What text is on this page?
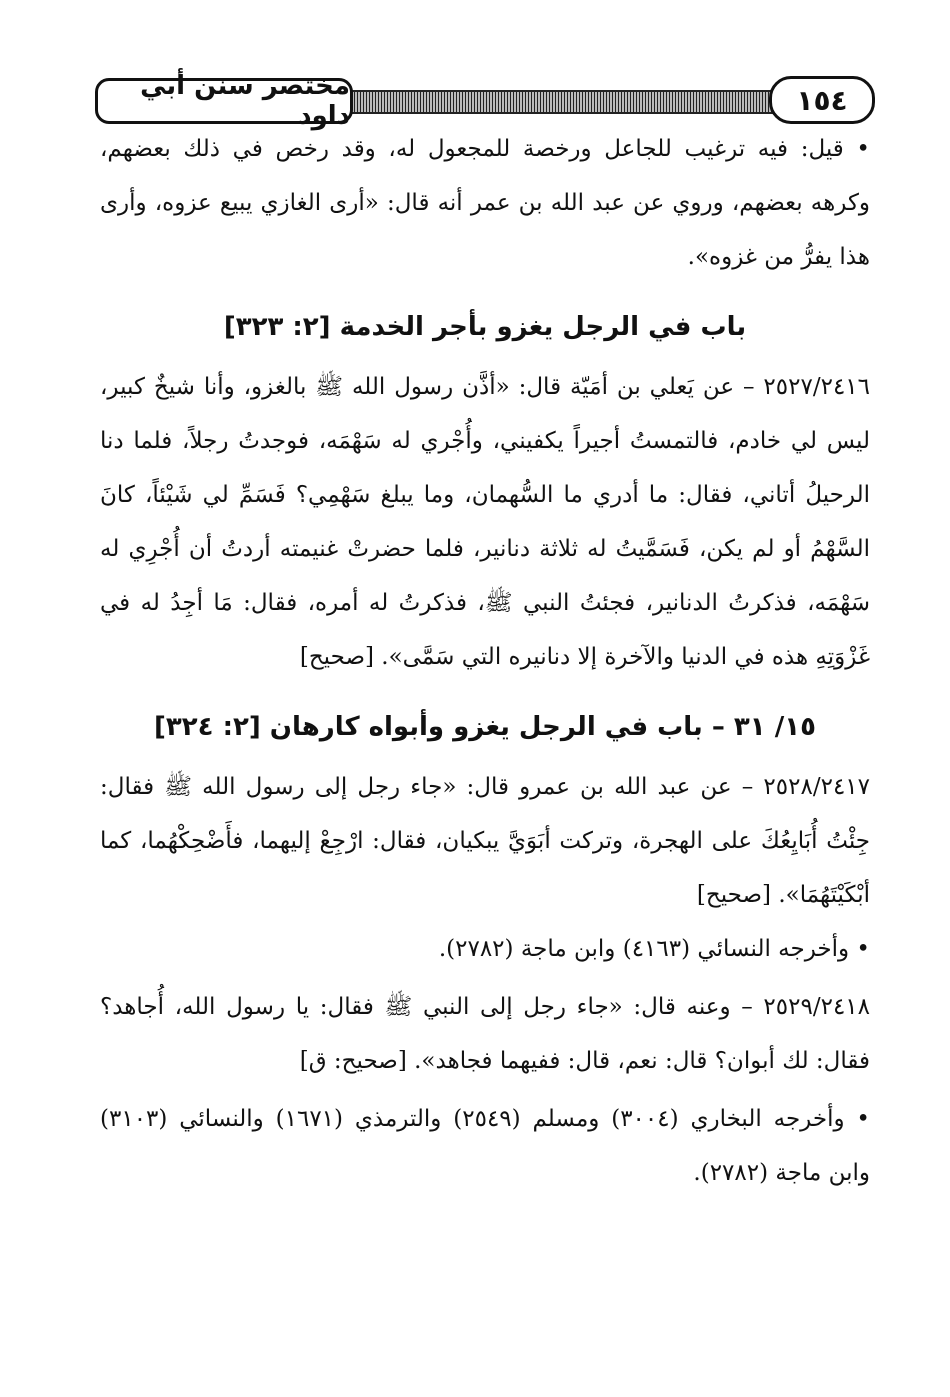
مختصر سنن أبي داود	١٥٤

• قيل: فيه ترغيب للجاعل ورخصة للمجعول له، وقد رخص في ذلك بعضهم، وكرهه بعضهم، وروي عن عبد الله بن عمر أنه قال: «أرى الغازي يبيع عزوه، وأرى هذا يفرُّ من غزوه».

باب في الرجل يغزو بأجر الخدمة [٢: ٣٢٣]

٢٥٢٧/٢٤١٦ – عن يَعلي بن أمَيّة قال: «أذَّن رسول الله ﷺ بالغزو، وأنا شيخٌ كبير، ليس لي خادم، فالتمستُ أجيراً يكفيني، وأُجْري له سَهْمَه، فوجدتُ رجلاً، فلما دنا الرحيلُ أتاني، فقال: ما أدري ما السُّهمان، وما يبلغ سَهْمِي؟ فَسَمِّ لي شَيْئاً، كانَ السَّهْمُ أو لم يكن، فَسَمَّيتُ له ثلاثة دنانير، فلما حضرتْ غنيمته أردتُ أن أُجْرِي له سَهْمَه، فذكرتُ الدنانير، فجئتُ النبي ﷺ، فذكرتُ له أمره، فقال: مَا أجِدُ له في غَزْوَتِهِ هذه في الدنيا والآخرة إلا دنانيره التي سَمَّى». [صحيح]

١٥/ ٣١ – باب في الرجل يغزو وأبواه كارهان [٢: ٣٢٤]

٢٥٢٨/٢٤١٧ – عن عبد الله بن عمرو قال: «جاء رجل إلى رسول الله ﷺ فقال: جِئْتُ أُبَايِعُكَ على الهجرة، وتركت أبَوَيَّ يبكيان، فقال: ارْجِعْ إليهما، فأَضْحِكْهُما، كما أبْكَيْتَهُمَا». [صحيح]

• وأخرجه النسائي (٤١٦٣) وابن ماجة (٢٧٨٢).

٢٥٢٩/٢٤١٨ – وعنه قال: «جاء رجل إلى النبي ﷺ فقال: يا رسول الله، أُجاهد؟ فقال: لك أبوان؟ قال: نعم، قال: ففيهما فجاهد». [صحيح: ق]

• وأخرجه البخاري (٣٠٠٤) ومسلم (٢٥٤٩) والترمذي (١٦٧١) والنسائي (٣١٠٣) وابن ماجة (٢٧٨٢).
